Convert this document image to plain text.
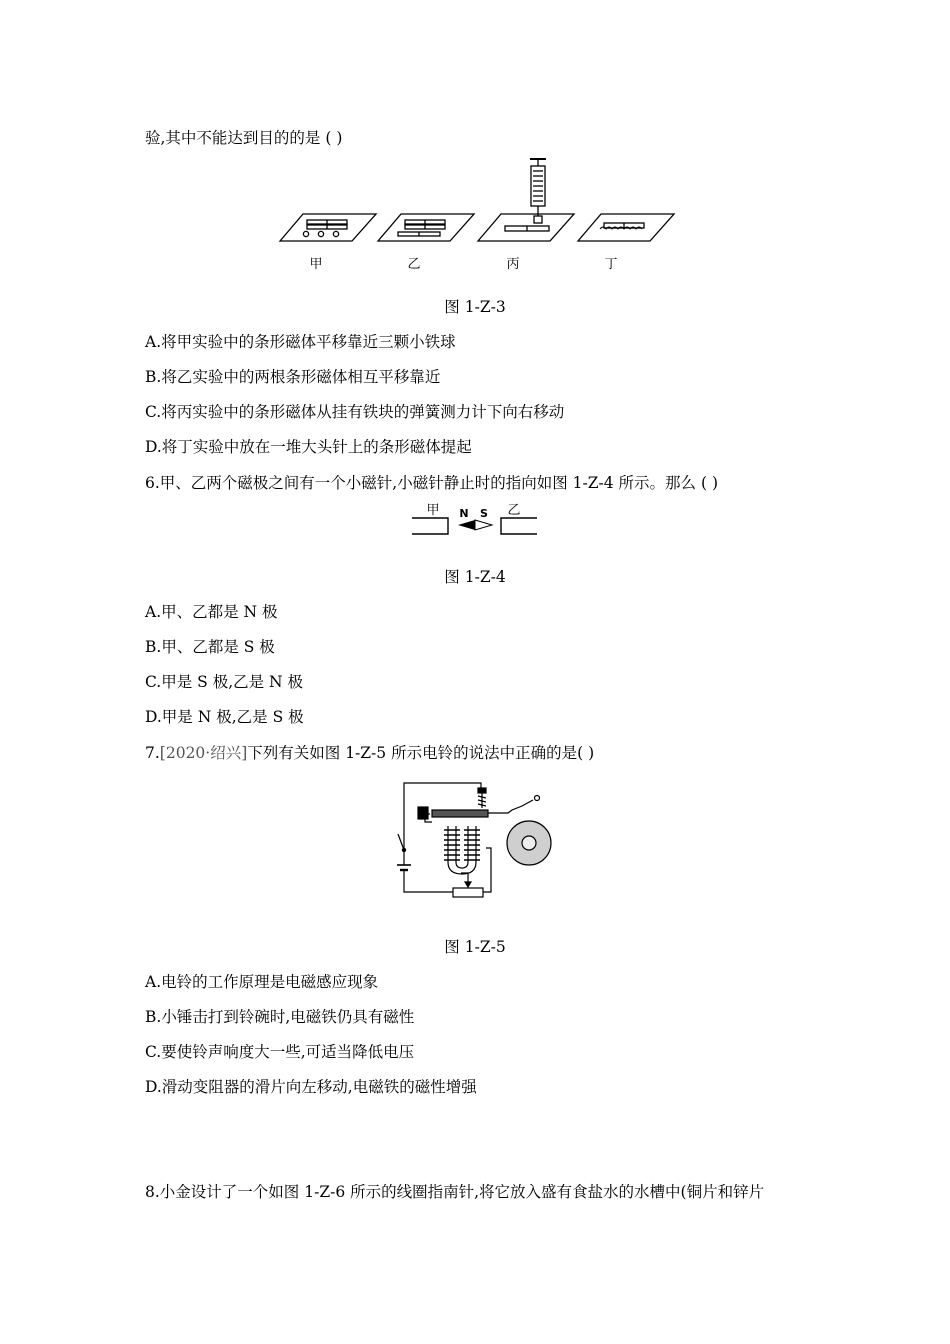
验,其中不能达到目的的是 ( )
甲	乙	丙	丁
图 1-Z-3
A.将甲实验中的条形磁体平移靠近三颗小铁球
B.将乙实验中的两根条形磁体相互平移靠近
C.将丙实验中的条形磁体从挂有铁块的弹簧测力计下向右移动
D.将丁实验中放在一堆大头针上的条形磁体提起
6.甲、乙两个磁极之间有一个小磁针,小磁针静止时的指向如图 1-Z-4 所示。那么 ( )
甲	乙
N S
图 1-Z-4
A.甲、乙都是 N 极
B.甲、乙都是 S 极
C.甲是 S 极,乙是 N 极
D.甲是 N 极,乙是 S 极
7.[2020·绍兴]下列有关如图 1-Z-5 所示电铃的说法中正确的是( )
图 1-Z-5
A.电铃的工作原理是电磁感应现象
B.小锤击打到铃碗时,电磁铁仍具有磁性
C.要使铃声响度大一些,可适当降低电压
D.滑动变阻器的滑片向左移动,电磁铁的磁性增强
8.小金设计了一个如图 1-Z-6 所示的线圈指南针,将它放入盛有食盐水的水槽中(铜片和锌片
